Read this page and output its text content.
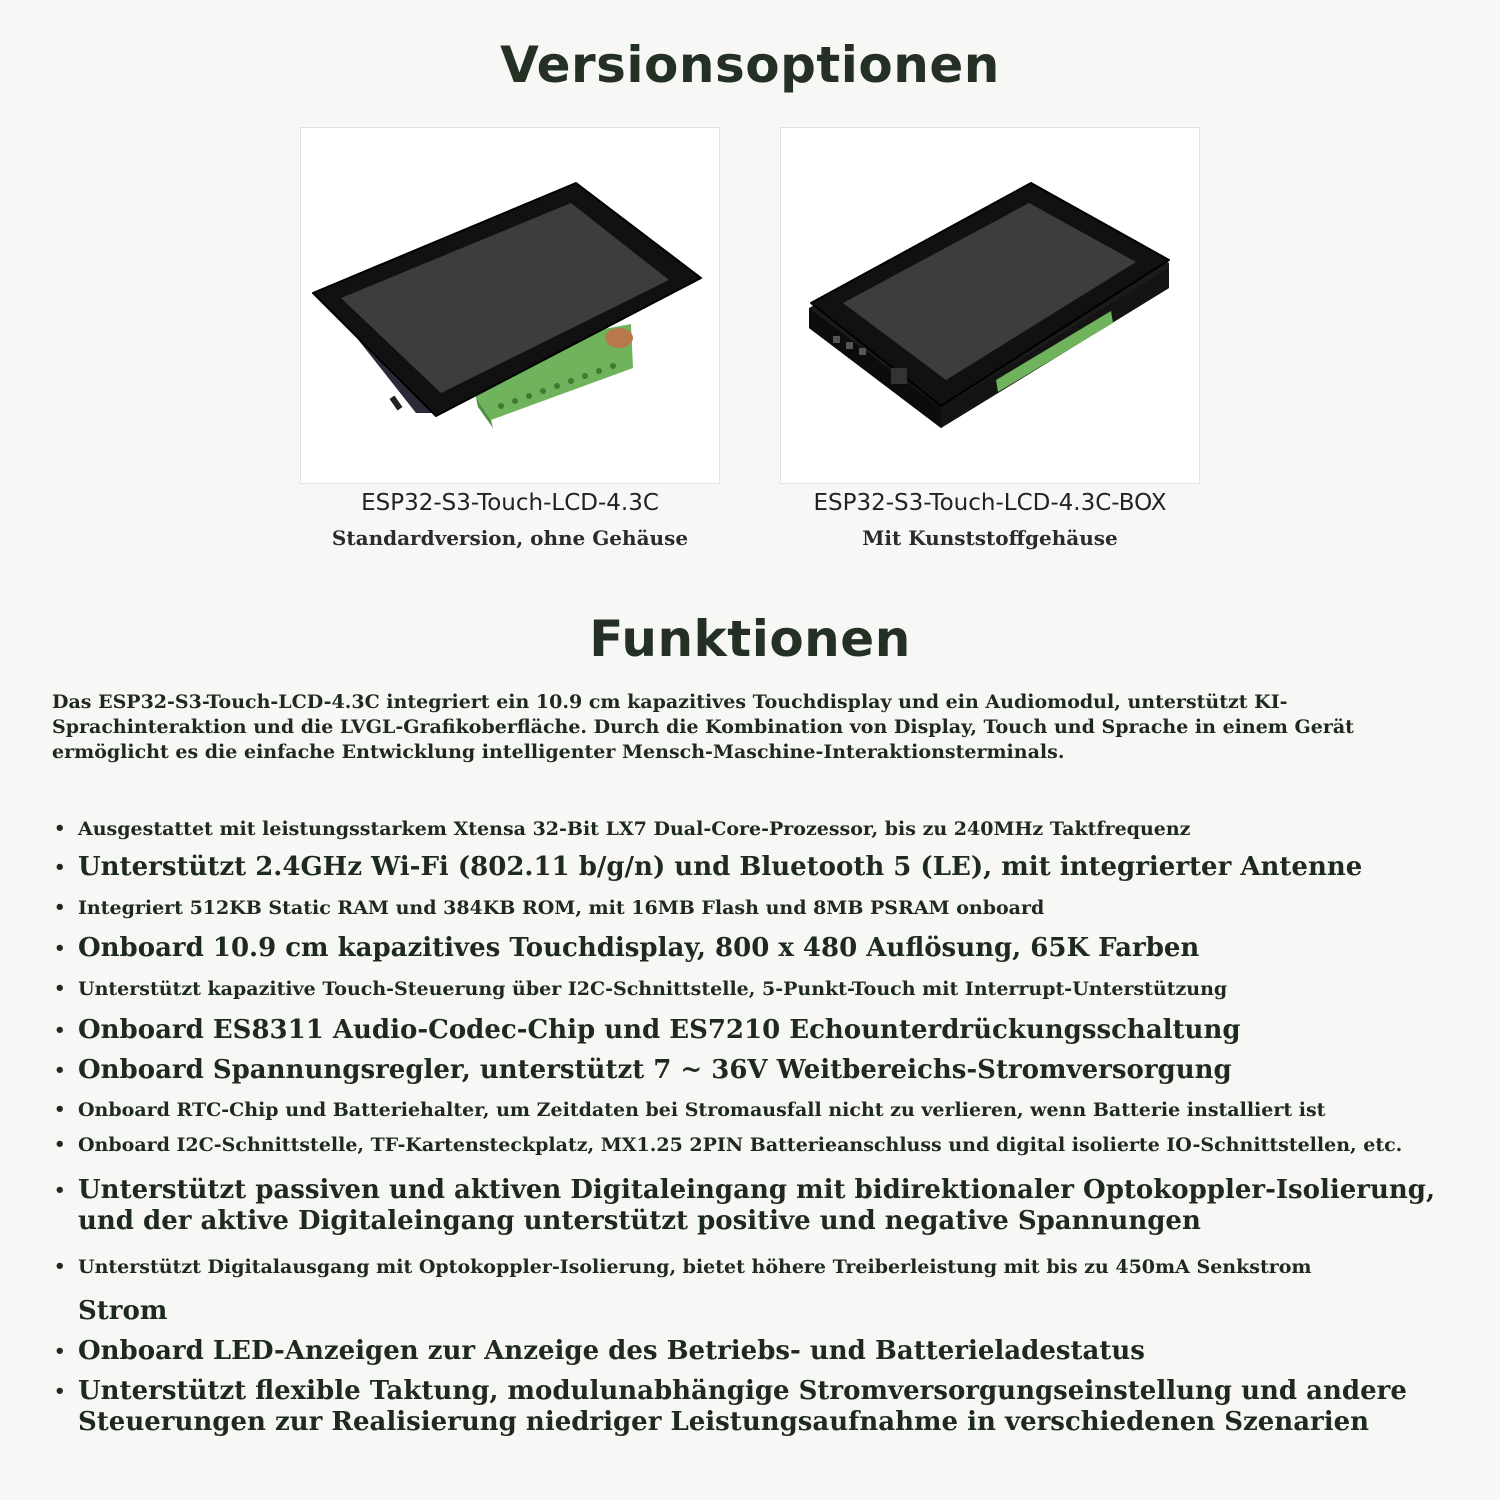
Versionsoptionen
ESP32-S3-Touch-LCD-4.3C
Standardversion, ohne Gehäuse
ESP32-S3-Touch-LCD-4.3C-BOX
Mit Kunststoffgehäuse
Funktionen

Das ESP32-S3-Touch-LCD-4.3C integriert ein 10.9 cm kapazitives Touchdisplay und ein Audiomodul, unterstützt KI-Sprachinteraktion und die LVGL-Grafikoberfläche. Durch die Kombination von Display, Touch und Sprache in einem Gerät ermöglicht es die einfache Entwicklung intelligenter Mensch-Maschine-Interaktionsterminals.

• Ausgestattet mit leistungsstarkem Xtensa 32-Bit LX7 Dual-Core-Prozessor, bis zu 240MHz Taktfrequenz
• Unterstützt 2.4GHz Wi-Fi (802.11 b/g/n) und Bluetooth 5 (LE), mit integrierter Antenne
• Integriert 512KB Static RAM und 384KB ROM, mit 16MB Flash und 8MB PSRAM onboard
• Onboard 10.9 cm kapazitives Touchdisplay, 800 x 480 Auflösung, 65K Farben
• Unterstützt kapazitive Touch-Steuerung über I2C-Schnittstelle, 5-Punkt-Touch mit Interrupt-Unterstützung
• Onboard ES8311 Audio-Codec-Chip und ES7210 Echounterdrückungsschaltung
• Onboard Spannungsregler, unterstützt 7 ~ 36V Weitbereichs-Stromversorgung
• Onboard RTC-Chip und Batteriehalter, um Zeitdaten bei Stromausfall nicht zu verlieren, wenn Batterie installiert ist
• Onboard I2C-Schnittstelle, TF-Kartensteckplatz, MX1.25 2PIN Batterieanschluss und digital isolierte IO-Schnittstellen, etc.
• Unterstützt passiven und aktiven Digitaleingang mit bidirektionaler Optokoppler-Isolierung, und der aktive Digitaleingang unterstützt positive und negative Spannungen
• Unterstützt Digitalausgang mit Optokoppler-Isolierung, bietet höhere Treiberleistung mit bis zu 450mA Senkstrom
Strom
• Onboard LED-Anzeigen zur Anzeige des Betriebs- und Batterieladestatus
• Unterstützt flexible Taktung, modulunabhängige Stromversorgungseinstellung und andere Steuerungen zur Realisierung niedriger Leistungsaufnahme in verschiedenen Szenarien
